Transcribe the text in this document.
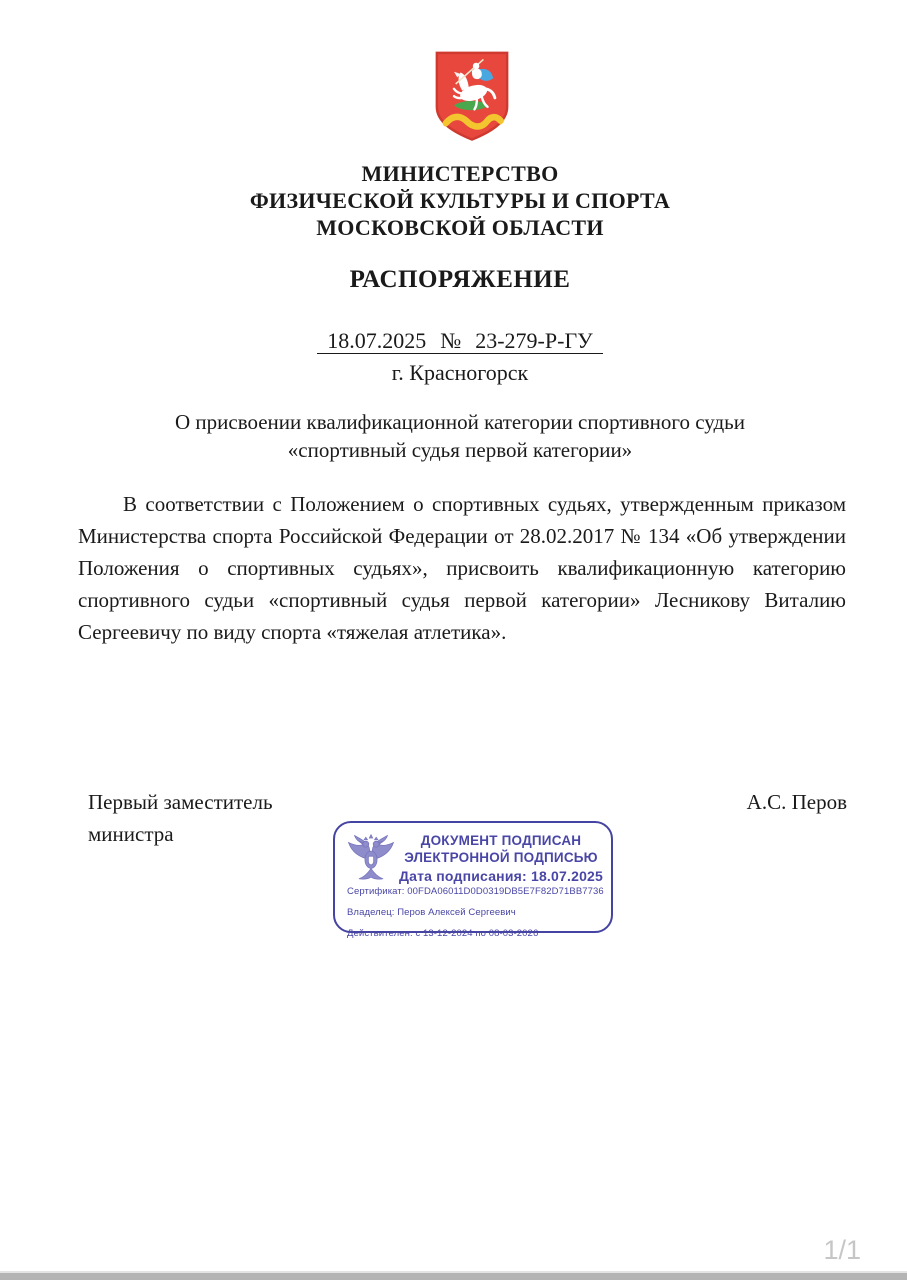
МИНИСТЕРСТВО
ФИЗИЧЕСКОЙ КУЛЬТУРЫ И СПОРТА
МОСКОВСКОЙ ОБЛАСТИ
РАСПОРЯЖЕНИЕ
18.07.2025 № 23-279-Р-ГУ
г. Красногорск
О присвоении квалификационной категории спортивного судьи
«спортивный судья первой категории»

В соответствии с Положением о спортивных судьях, утвержденным приказом Министерства спорта Российской Федерации от 28.02.2017 № 134 «Об утверждении Положения о спортивных судьях», присвоить квалификационную категорию спортивного судьи «спортивный судья первой категории» Лесникову Виталию Сергеевичу по виду спорта «тяжелая атлетика».

Первый заместитель
министра
А.С. Перов
ДОКУМЕНТ ПОДПИСАН
ЭЛЕКТРОННОЙ ПОДПИСЬЮ
Дата подписания: 18.07.2025
Сертификат: 00FDA06011D0D0319DB5E7F82D71BB7736
Владелец: Перов Алексей Сергеевич
Действителен: с 13-12-2024 по 08-03-2026
1/1
